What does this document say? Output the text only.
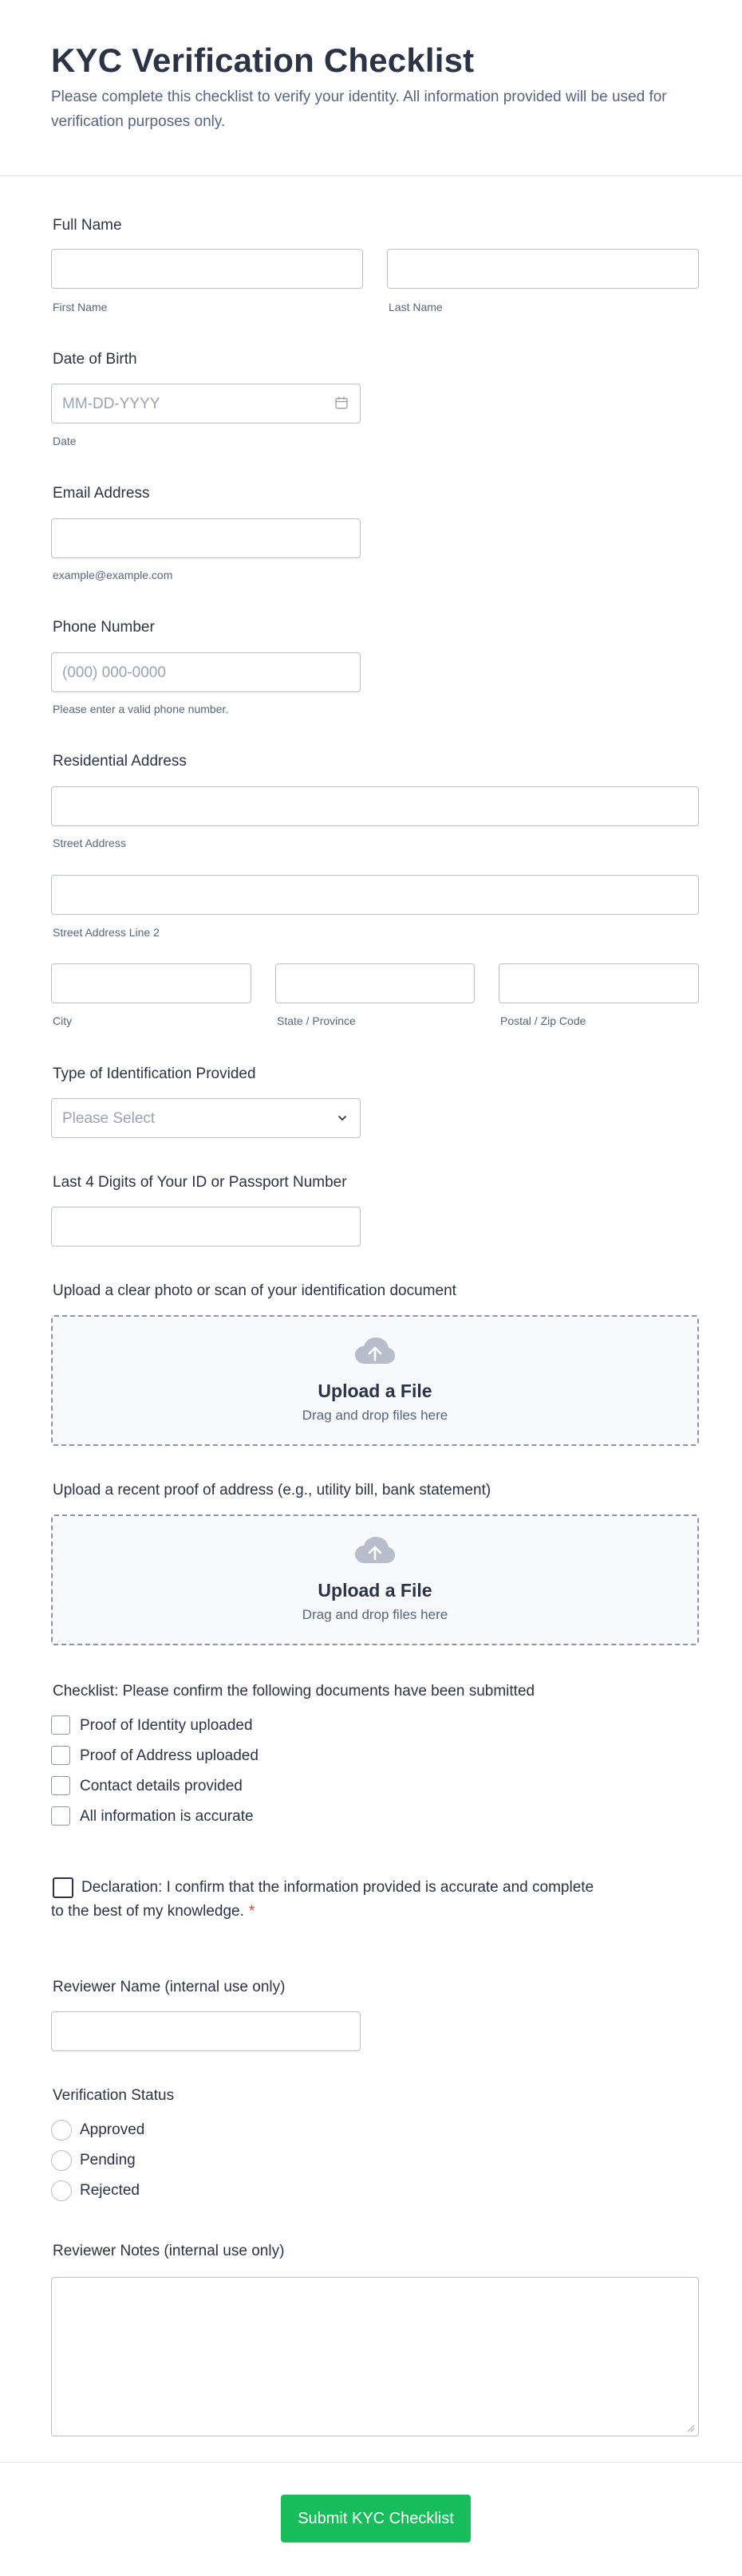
KYC Verification Checklist
Please complete this checklist to verify your identity. All information provided will be used for verification purposes only.
Full Name
First Name	Last Name
Date of Birth
MM-DD-YYYY
Date
Email Address
example@example.com
Phone Number
(000) 000-0000
Please enter a valid phone number.
Residential Address
Street Address
Street Address Line 2
City	State / Province	Postal / Zip Code
Type of Identification Provided
Please Select
Last 4 Digits of Your ID or Passport Number
Upload a clear photo or scan of your identification document
Upload a File
Drag and drop files here
Upload a recent proof of address (e.g., utility bill, bank statement)
Upload a File
Drag and drop files here
Checklist: Please confirm the following documents have been submitted
Proof of Identity uploaded
Proof of Address uploaded
Contact details provided
All information is accurate
Declaration: I confirm that the information provided is accurate and complete to the best of my knowledge. *
Reviewer Name (internal use only)
Verification Status
Approved
Pending
Rejected
Reviewer Notes (internal use only)
Submit KYC Checklist
